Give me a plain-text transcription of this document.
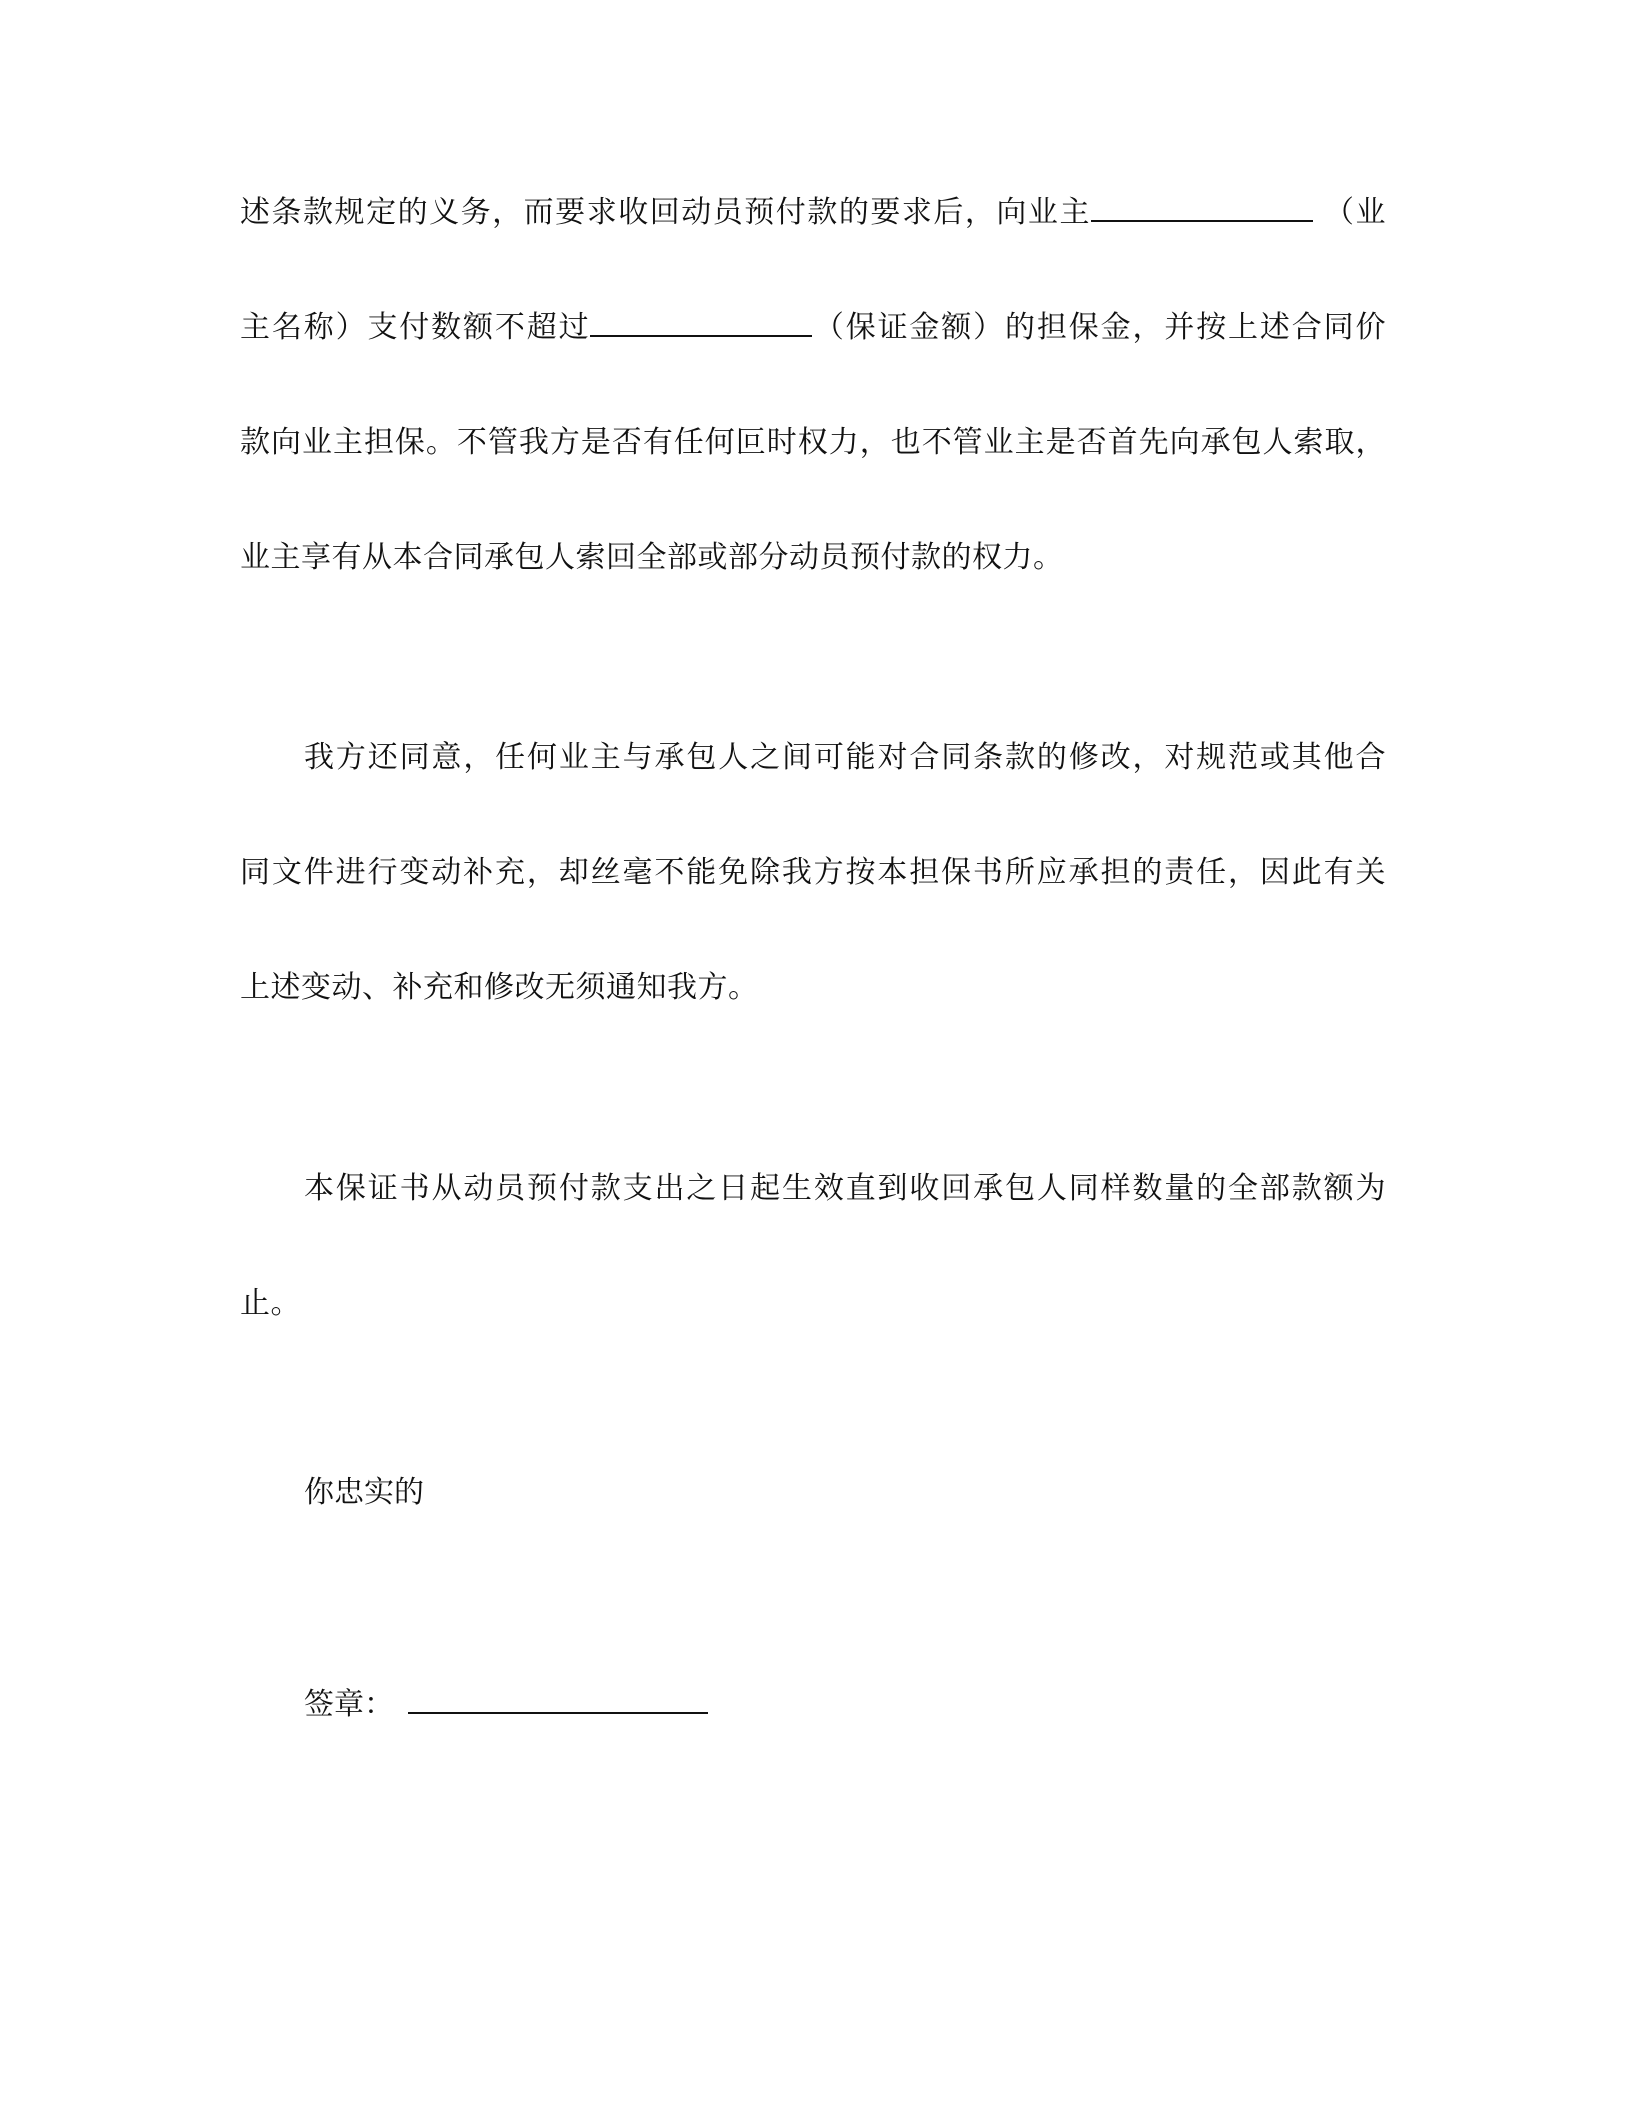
述条款规定的义务，而要求收回动员预付款的要求后，向业主	（业
主名称）支付数额不超过	（保证金额）的担保金，并按上述合同价
款向业主担保。不管我方是否有任何叵时权力，也不管业主是否首先向承包人索取，
业主享有从本合同承包人索回全部或部分动员预付款的权力。
我方还同意，任何业主与承包人之间可能对合同条款的修改，对规范或其他合
同文件进行变动补充，却丝毫不能免除我方按本担保书所应承担的责任，因此有关
上述变动、补充和修改无须通知我方。
本保证书从动员预付款支出之日起生效直到收回承包人同样数量的全部款额为
止。
你忠实的
签章：
